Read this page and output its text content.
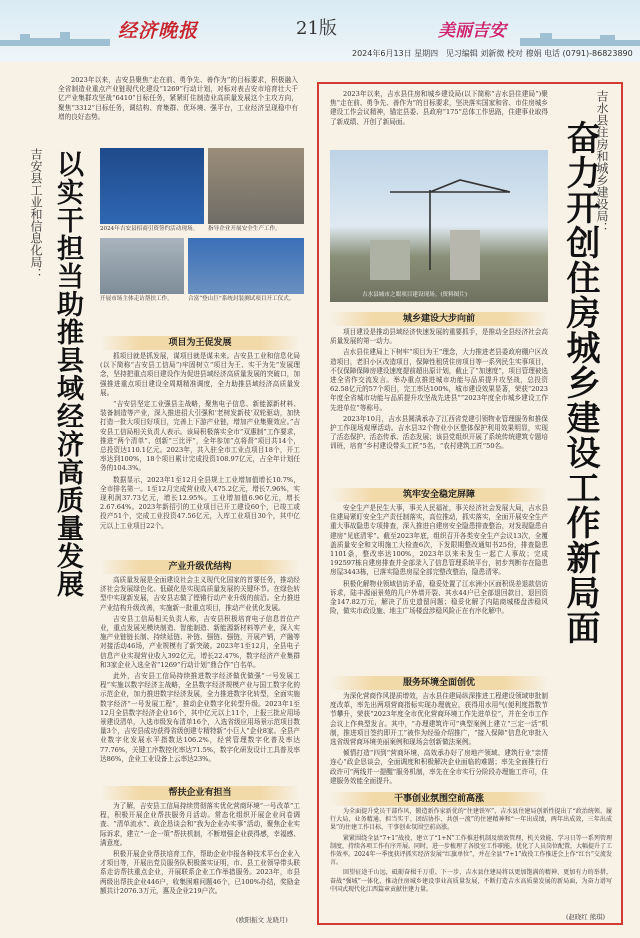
经济晚报	21版	美丽吉安
2024年6月13日 星期四 见习编辑 刘新微 校对 穆娟 电话 (0791)-86823890
2023年以来，吉安县聚焦“走在前、勇争先、善作为”的目标要求，积极融入全省制造业重点产业链现代化建设“1269”行动计划，对标对表吉安市培育壮大千亿产业集群攻坚战“6410”目标任务，紧紧盯住制造业高质量发展这个主攻方向，聚焦“3312”目标任务，调结构、育集群、优环境、强平台，工业经济呈现稳中有增的良好态势。
2024年吉安县招商引资签约活动现场。	指导企业开展安全生产工作。
开展市场主体走访帮扶工作。	合富“登山巨”系统封装测试项目开工仪式。
以实干担当助推县域经济高质量发展
吉安县工业和信息化局：
项目为王促发展

抓项目就是抓发展，谋项目就是谋未来。吉安县工业和信息化局(以下简称“吉安县工信局”)牢固树立“项目为王、实干为先”发展理念，坚持把重点项目建设作为促进县域经济高质量发展的突破口，加强推进重点项目建设全周期精准调度，全力助推县域经济高质量发展。

“吉安县坚定工业强县主战略，聚焦电子信息、新能源新材料、装备制造等产业，深入推进招大引强和‘老树发新枝’双轮驱动，加快打造一批大项目好项目，完善上下游产业链，增加产业集聚效应。”吉安县工信局相关负责人表示。该局积极落实全市“双惠制”工作要求，推进“两个清单”、创新“三比评”，全年参加“点将督”项目共14个，总投资达110.1亿元。2023年，共入驻全市工业点项目18个，开工率达到100%，18个项目累计完成投资108.97亿元，占全年计划任务的104.3%。

数据显示，2023年1至12月全县规上工业增加值增长10.7%，全市排名第一。1至12月完成营业收入475.2亿元，增长7.96%，实现利润37.73亿元，增长12.95%。工业增加值6.96亿元，增长2.67.64%。2023年新招引的工业项目已开工建设60个，已竣工或投产51个，完成工业投资47.56亿元，入库工业项目30个，其中亿元以上工业项目22个。

产业升级优结构

高质量发展是全面建设社会主义现代化国家的首要任务，推动经济社会发展绿色化、低碳化是实现高质量发展的关键环节。在绿色转型中实现新发展，吉安县志做了铿锵行动产业升级的前沿。全力推进产业结构升级改善，实施新一批重点项目，推动产业优化发展。

吉安县工信局相关负责人称，吉安县积极培育电子信息首位产业，重点发展光模块制造、智能制造、新能源新材料等产业，深入实施产业链链长制、持续延链、补链、强链、强链，开展产销，产融等对接活动46场，产业规模有了新突破。2023年1至12月，全县电子信息产业实现营业收入392亿元，增长22.47%，数字经济产业集群和3家企业入选全省“1269”行动计划“鼎合作”白名单。

此外，吉安县工信局持续推进数字经济做优做强“一号发展工程”实施以数字经济主战略，全县数字经济规模产业与国工数字化的示范企业，加力推进数字经济发展，全力推进数字化转型，全面实施数字经济“一号发展工程”，推动企业数字化转型升级。2023年1至12月全县数字经济企业16个，其中亿元以上11个，上报三批应用场景建设清单，入选市级发布清单16个，入选省级应用场景示范项目数量3个，吉安县成功获得省级创建专精特新“小巨人”企业8家。全县产业数字化发展水平指数达106.2%，经营管理数字化普及率达77.76%，关键工序数控化率达71.5%，数字化研发设计工具普及率达86%，企业工业设备上云率达23%。

帮扶企业有担当

为了解，吉安县工信局持续贯彻落实优化营商环境“一号改革”工程，积极开展企业帮扶服务月活动。常态化组织开展企业问卷调查、“清单流水”、政企恳谈会和“我为企业办实事”活动，聚焦企业实际诉求，建立“一企一策”帮扶机制，不断增强企业获得感，幸福感、满意度。

积极开展企业帮扶培育工作，帮助企业申报各种技术平台企业入才项目等，开展出党员服务队积极落实证明，市、县工业领导带头联系走访帮扶重点企业，开展联系企业工作举措服务。2023年，市县两级出帮扶企业446户，收集困难问题46个，已100%办结，奖励金额共计2076.3万元，惠及企业219户次。

(欧阳振文 龙晓月)
2023年以来，吉水县住房和城乡建设局(以下简称“吉水县住建局”)聚焦“走在前、勇争先、善作为”的目标要求，坚决落实国家和省、市住房城乡建设工作会议精神，锚定县委、县政府“175”总体工作思路，住建事业取得了新成绩、开创了新局面。
吉水县城市之眼项目建设现场。(资料图片)	奋力开创住房城乡建设工作新局面
吉水县住房和城乡建设局：
城乡建设大步向前

项目建设是推动县域经济快速发展的重要抓手，是推动全县经济社会高质量发展的第一动力。

吉水县住建局上下树牢“项目为王”理念，大力推进老县委政府棚户区改造项目，老旧小区改造项目，保障性租赁住房项目等一系列民生实事项目，不仅保障保障房建设速度提前超出原计划，截止了“加速度”，项目管理被选进全省作交流发言。举办重点推进城市功能与品质提升攻坚战，总投资62.58亿元的57个项目，完工率达100%，城市建设效果显著，荣获“2023年度全省城市功能与品质提升攻坚战先进县”“2023年度全市城乡建设工作先进单位”等称号。

2023年10月，吉水县圆满承办了江西省党建引领物业管理服务和推保护工作现场观摩活动。吉水县32个物业小区整体保护利用效果明显，实现了活态保护、活态传承、活态发展；该县党组织开展了系统传统建筑专题培训班，培育“乡村建设带头工匠”5名，“农村建筑工匠”50名。

筑牢安全稳定屏障

安全生产是民生大事，事关人民福祉，事关经济社会发展大局，吉水县住建局紧盯安全生产责任制落实，高位推动，抓实落实，全面开展安全生产重大事故隐患专项排查，深入推进自建房安全隐患排查整治，对发现隐患自建房“见底清零”。截至2023年底，组织召开各类安全生产会议13次，全覆盖质量安全和文明施工大检查6次，下发限期整改通知书25份，排查隐患1101条，整改率达100%，2023年以来未发生一起亡人事故；完成192597栋自建房排查并全部录入了信息管理系统平台，初步判断存在隐患房屋3443栋，已落实隐患房屋全部完整改整治，隐患清零。

积极化解物业领域信访矛盾，稳妥处置了江水洲小区面积误差退款信访诉求，陆丰源丽景苑的几户外墙开裂、其水44户已全部退回款目，退回资金147.82万元，解决了历史遗留问题；稳妥化解了内陆商城楼盘涉稳风险，做实市政设施、地主广场楼盘涉稳风险正在有序化解中。

服务环境全面创优

为深化营商作风提质增效，吉水县住建局纵深推进工程建设领域审批制度改革，率先出两项营商指标实现办理就应，获得用水用气(便利度指数节节攀升，荣获“2023年度全市优化营商环境工作先进单位”，并在全市工作会议上作典型发言。其中，“办理建筑许可”典型案例上建立“三定一活”机制，推进项目签约即开工”被作为经验介绍推广，“接入保障”信息化审批入选省级营商环境美丽案例和现场会创新做法案例。

倾情打造“四到”营商环境，高效承办好了房地产领域、建筑行业“亲情连心”政企恳谈会，全面调度和积极解决企业面临的难题；率先全面推行行政许可“两线并一提醒”服务机制，率先在全市实行分阶段办理施工许可，住建服务效能全面提升。

干事创业氛围空前高涨

为全面提升党员干部作风，锻造新作家新优的“住建铁军”，吉水县住建局创新性提出了“政治统领、履行大局、业务精通、担当实干、团结协作、共创一流”的住建精神和“一年出成绩，两年出成效，三年出成果”的住建工作目标，干事创业氛围空前高涨。

紧紧围绕全县“7+1”战役，建立了“1+N”工作推进机制及绩效管理，机关效能、学习日等一系列管理制度，持续各项工作有序开展。同时，进一步梳理了各股室工作职能，优化了人员岗位配置，大幅提升了工作效率。2024年一季度获评抓实经济发展“红旗单位”，并在全县“7+1”战役工作推进会上作“红台”交流发言。

回望征途千山远，砥砺奋楫千万重。下一步，吉水县住建局将以更加饱满的精神、更加有力的举措，奋战“强城”一体化，推动住房城乡建设事业高质量发展，不断打造吉水高质量发展的新局面，为奋力谱写中国式现代化江西篇章贡献住建力量。

(赵晓红 熊琪)
